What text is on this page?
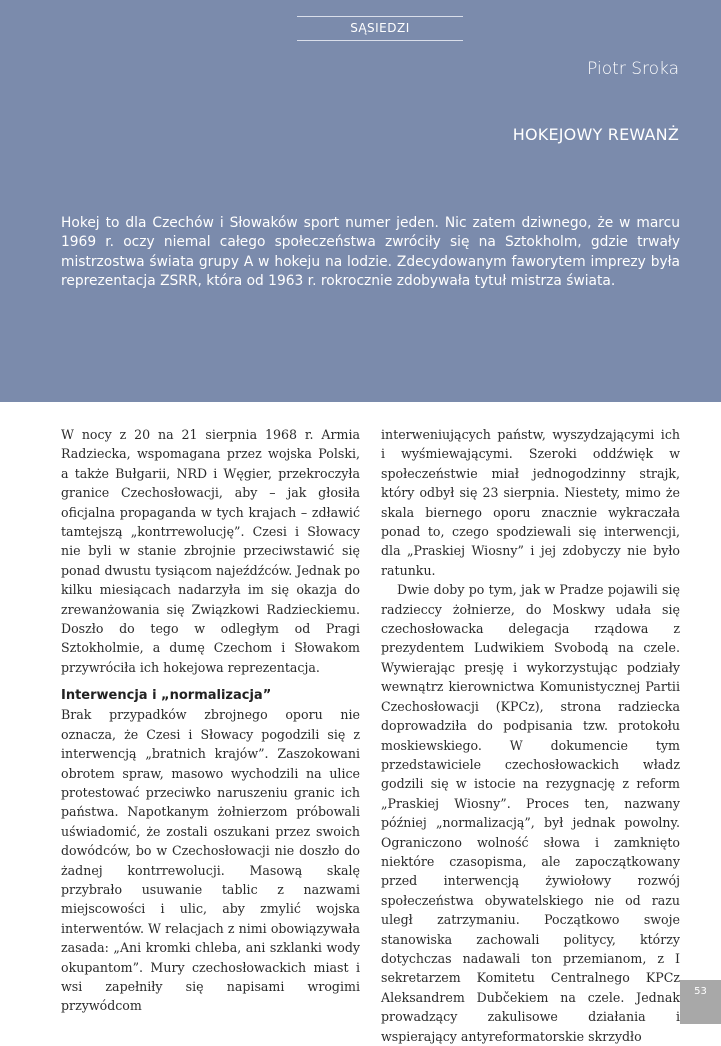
SĄSIEDZI
Piotr Sroka
HOKEJOWY REWANŻ
Hokej to dla Czechów i Słowaków sport numer jeden. Nic zatem dziwnego, że w marcu 1969 r. oczy niemal całego społeczeństwa zwróciły się na Sztokholm, gdzie trwały mistrzostwa świata grupy A w hokeju na lodzie. Zdecydowanym faworytem imprezy była reprezentacja ZSRR, która od 1963 r. rokrocznie zdobywała tytuł mistrza świata.

W nocy z 20 na 21 sierpnia 1968 r. Armia Radziecka, wspomagana przez wojska Polski, a także Bułgarii, NRD i Węgier, przekroczyła granice Czechosłowacji, aby – jak głosiła oficjalna propaganda w tych krajach – zdławić tamtejszą „kontrrewolucję”. Czesi i Słowacy nie byli w stanie zbrojnie przeciwstawić się ponad dwustu tysiącom najeźdźców. Jednak po kilku miesiącach nadarzyła im się okazja do zrewanżowania się Związkowi Radzieckiemu. Doszło do tego w odległym od Pragi Sztokholmie, a dumę Czechom i Słowakom przywróciła ich hokejowa reprezentacja.

Interwencja i „normalizacja”

Brak przypadków zbrojnego oporu nie oznacza, że Czesi i Słowacy pogodzili się z interwencją „bratnich krajów”. Zaszokowani obrotem spraw, masowo wychodzili na ulice protestować przeciwko naruszeniu granic ich państwa. Napotkanym żołnierzom próbowali uświadomić, że zostali oszukani przez swoich dowódców, bo w Czechosłowacji nie doszło do żadnej kontrrewolucji. Masową skalę przybrało usuwanie tablic z nazwami miejscowości i ulic, aby zmylić wojska interwentów. W relacjach z nimi obowiązywała zasada: „Ani kromki chleba, ani szklanki wody okupantom”. Mury czechosłowackich miast i wsi zapełniły się napisami wrogimi przywódcom

interweniujących państw, wyszydzającymi ich i wyśmiewającymi. Szeroki oddźwięk w społeczeństwie miał jednogodzinny strajk, który odbył się 23 sierpnia. Niestety, mimo że skala biernego oporu znacznie wykraczała ponad to, czego spodziewali się interwencji, dla „Praskiej Wiosny” i jej zdobyczy nie było ratunku.

Dwie doby po tym, jak w Pradze pojawili się radzieccy żołnierze, do Moskwy udała się czechosłowacka delegacja rządowa z prezydentem Ludwikiem Svobodą na czele. Wywierając presję i wykorzystując podziały wewnątrz kierownictwa Komunistycznej Partii Czechosłowacji (KPCz), strona radziecka doprowadziła do podpisania tzw. protokołu moskiewskiego. W dokumencie tym przedstawiciele czechosłowackich władz godzili się w istocie na rezygnację z reform „Praskiej Wiosny”. Proces ten, nazwany później „normalizacją”, był jednak powolny. Ograniczono wolność słowa i zamknięto niektóre czasopisma, ale zapoczątkowany przed interwencją żywiołowy rozwój społeczeństwa obywatelskiego nie od razu uległ zatrzymaniu. Początkowo swoje stanowiska zachowali politycy, którzy dotychczas nadawali ton przemianom, z I sekretarzem Komitetu Centralnego KPCz Aleksandrem Dubčekiem na czele. Jednak prowadzący zakulisowe działania i wspierający antyreformatorskie skrzydło

53
